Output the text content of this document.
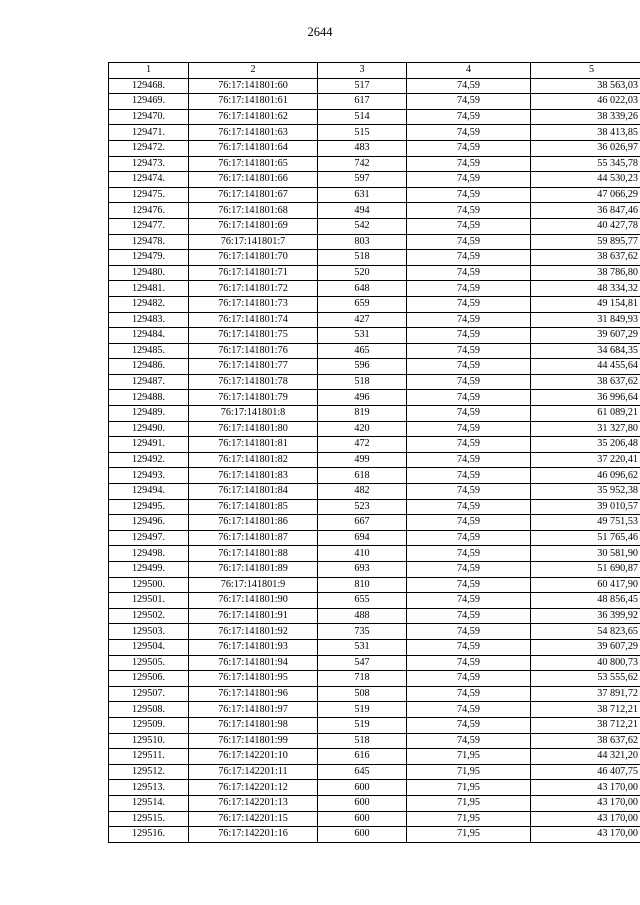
2644
1	2	3	4	5
129468.	76:17:141801:60	517	74,59	38 563,03
129469.	76:17:141801:61	617	74,59	46 022,03
129470.	76:17:141801:62	514	74,59	38 339,26
129471.	76:17:141801:63	515	74,59	38 413,85
129472.	76:17:141801:64	483	74,59	36 026,97
129473.	76:17:141801:65	742	74,59	55 345,78
129474.	76:17:141801:66	597	74,59	44 530,23
129475.	76:17:141801:67	631	74,59	47 066,29
129476.	76:17:141801:68	494	74,59	36 847,46
129477.	76:17:141801:69	542	74,59	40 427,78
129478.	76:17:141801:7	803	74,59	59 895,77
129479.	76:17:141801:70	518	74,59	38 637,62
129480.	76:17:141801:71	520	74,59	38 786,80
129481.	76:17:141801:72	648	74,59	48 334,32
129482.	76:17:141801:73	659	74,59	49 154,81
129483.	76:17:141801:74	427	74,59	31 849,93
129484.	76:17:141801:75	531	74,59	39 607,29
129485.	76:17:141801:76	465	74,59	34 684,35
129486.	76:17:141801:77	596	74,59	44 455,64
129487.	76:17:141801:78	518	74,59	38 637,62
129488.	76:17:141801:79	496	74,59	36 996,64
129489.	76:17:141801:8	819	74,59	61 089,21
129490.	76:17:141801:80	420	74,59	31 327,80
129491.	76:17:141801:81	472	74,59	35 206,48
129492.	76:17:141801:82	499	74,59	37 220,41
129493.	76:17:141801:83	618	74,59	46 096,62
129494.	76:17:141801:84	482	74,59	35 952,38
129495.	76:17:141801:85	523	74,59	39 010,57
129496.	76:17:141801:86	667	74,59	49 751,53
129497.	76:17:141801:87	694	74,59	51 765,46
129498.	76:17:141801:88	410	74,59	30 581,90
129499.	76:17:141801:89	693	74,59	51 690,87
129500.	76:17:141801:9	810	74,59	60 417,90
129501.	76:17:141801:90	655	74,59	48 856,45
129502.	76:17:141801:91	488	74,59	36 399,92
129503.	76:17:141801:92	735	74,59	54 823,65
129504.	76:17:141801:93	531	74,59	39 607,29
129505.	76:17:141801:94	547	74,59	40 800,73
129506.	76:17:141801:95	718	74,59	53 555,62
129507.	76:17:141801:96	508	74,59	37 891,72
129508.	76:17:141801:97	519	74,59	38 712,21
129509.	76:17:141801:98	519	74,59	38 712,21
129510.	76:17:141801:99	518	74,59	38 637,62
129511.	76:17:142201:10	616	71,95	44 321,20
129512.	76:17:142201:11	645	71,95	46 407,75
129513.	76:17:142201:12	600	71,95	43 170,00
129514.	76:17:142201:13	600	71,95	43 170,00
129515.	76:17:142201:15	600	71,95	43 170,00
129516.	76:17:142201:16	600	71,95	43 170,00
